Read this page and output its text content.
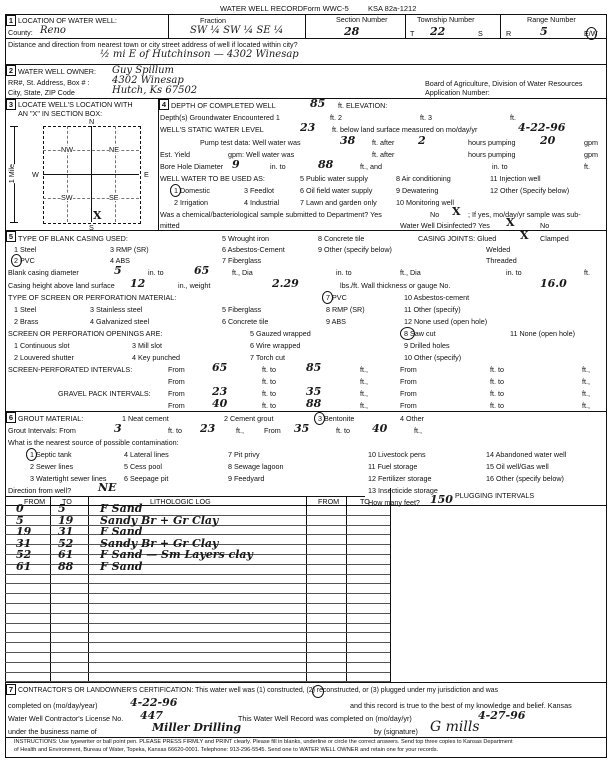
WATER WELL RECORD Form WWC-5	KSA 82a-1212
1 LOCATION OF WATER WELL:
County: Reno
Fraction
SW ¼ SW ¼ SE ¼
Section Number
28
Township Number
T 22	S
Range Number
R	5	E/W
Distance and direction from nearest town or city street address of well if located within city?
½ mi E of Hutchinson — 4302 Winesap
2 WATER WELL OWNER: Guy Spillum
RR#, St. Address, Box # : 4302 Winesap
City, State, ZIP Code	Hutch, Ks 67502
Board of Agriculture, Division of Water Resources
Application Number:
3 LOCATE WELL'S LOCATION WITH
AN "X" IN SECTION BOX:
NW	NE
SW	SE
X
N
S
W	E
1 Mile
4 DEPTH OF COMPLETED WELL	85 ft. ELEVATION:
Depth(s) Groundwater Encountered 1	ft. 2	ft. 3	ft.
WELL'S STATIC WATER LEVEL	23 ft. below land surface measured on mo/day/yr	4-22-96
Pump test data: Well water was	38 ft. after 2	hours pumping 20	gpm
Est. Yield	gpm: Well water was	ft. after	hours pumping	gpm
Bore Hole Diameter 9	in. to	88	ft., and	in. to	ft.
WELL WATER TO BE USED AS:	5 Public water supply	8 Air conditioning	11 Injection well
1 Domestic	3 Feedlot	6 Oil field water supply	9 Dewatering	12 Other (Specify below)
2 Irrigation	4 Industrial	7 Lawn and garden only	10 Monitoring well
Was a chemical/bacteriological sample submitted to Department? Yes	No X ; If yes, mo/day/yr sample was sub-
mitted	Water Well Disinfected? Yes X	No
5 TYPE OF BLANK CASING USED:	5 Wrought iron	8 Concrete tile
1 Steel	3 RMP (SR)	6 Asbestos-Cement	9 Other (specify below)
2 PVC	4 ABS	7 Fiberglass
CASING JOINTS: Glued X Clamped
Welded
Threaded
Blank casing diameter	5	in. to	65	ft., Dia	in. to	ft., Dia	in. to	ft.
Casing height above land surface 12	in., weight	2.29	lbs./ft. Wall thickness or gauge No.	16.0
TYPE OF SCREEN OR PERFORATION MATERIAL:	7 PVC	10 Asbestos-cement
1 Steel	3 Stainless steel	5 Fiberglass	8 RMP (SR)	11 Other (specify)
2 Brass	4 Galvanized steel	6 Concrete tile	9 ABS	12 None used (open hole)
SCREEN OR PERFORATION OPENINGS ARE:	5 Gauzed wrapped	8 Saw cut	11 None (open hole)
1 Continuous slot	3 Mill slot	6 Wire wrapped	9 Drilled holes
2 Louvered shutter	4 Key punched	7 Torch cut	10 Other (specify)
SCREEN-PERFORATED INTERVALS:	From 65	ft. to	85	ft.,	From	ft. to	ft.,
From	ft. to	ft.,	From	ft. to	ft.,
GRAVEL PACK INTERVALS: From 23	ft. to	35	ft.,	From	ft. to	ft.,
From 40	ft. to	88	ft.,	From	ft. to	ft.,
6 GROUT MATERIAL:	1 Neat cement	2 Cement grout	3 Bentonite	4 Other
Grout Intervals: From	3	ft. to 23	ft.,	From 35	ft. to 40	ft.,
What is the nearest source of possible contamination:
10 Livestock pens	14 Abandoned water well
1 Septic tank	4 Lateral lines	7 Pit privy
11 Fuel storage	15 Oil well/Gas well
2 Sewer lines	5 Cess pool	8 Sewage lagoon
12 Fertilizer storage	16 Other (specify below)
3 Watertight sewer lines 6 Seepage pit	9 Feedyard
13 Insecticide storage
Direction from well? NE
How many feet? 150
FROM TO	LITHOLOGIC LOG	FROM	TO
PLUGGING INTERVALS
0	5	F Sand
5	19 Sandy Br + Gr Clay
19 31 F Sand
31 52 Sandy Br + Gr Clay
52 61 F Sand — Sm Layers clay
61 88 F Sand
7 CONTRACTOR'S OR LANDOWNER'S CERTIFICATION: This water well was (1) constructed, (2) reconstructed, or (3) plugged under my jurisdiction and was
completed on (mo/day/year)	4-22-96	and this record is true to the best of my knowledge and belief. Kansas
Water Well Contractor's License No. 447	This Water Well Record was completed on (mo/day/yr)	4-27-96
under the business name of	Miller Drilling	by (signature) G mills
INSTRUCTIONS: Use typewriter or ball point pen. PLEASE PRESS FIRMLY and PRINT clearly. Please fill in blanks, underline or circle the correct answers. Send top three copies to Kansas Department
of Health and Environment, Bureau of Water, Topeka, Kansas 66620-0001. Telephone: 913-296-5545. Send one to WATER WELL OWNER and retain one for your records.
